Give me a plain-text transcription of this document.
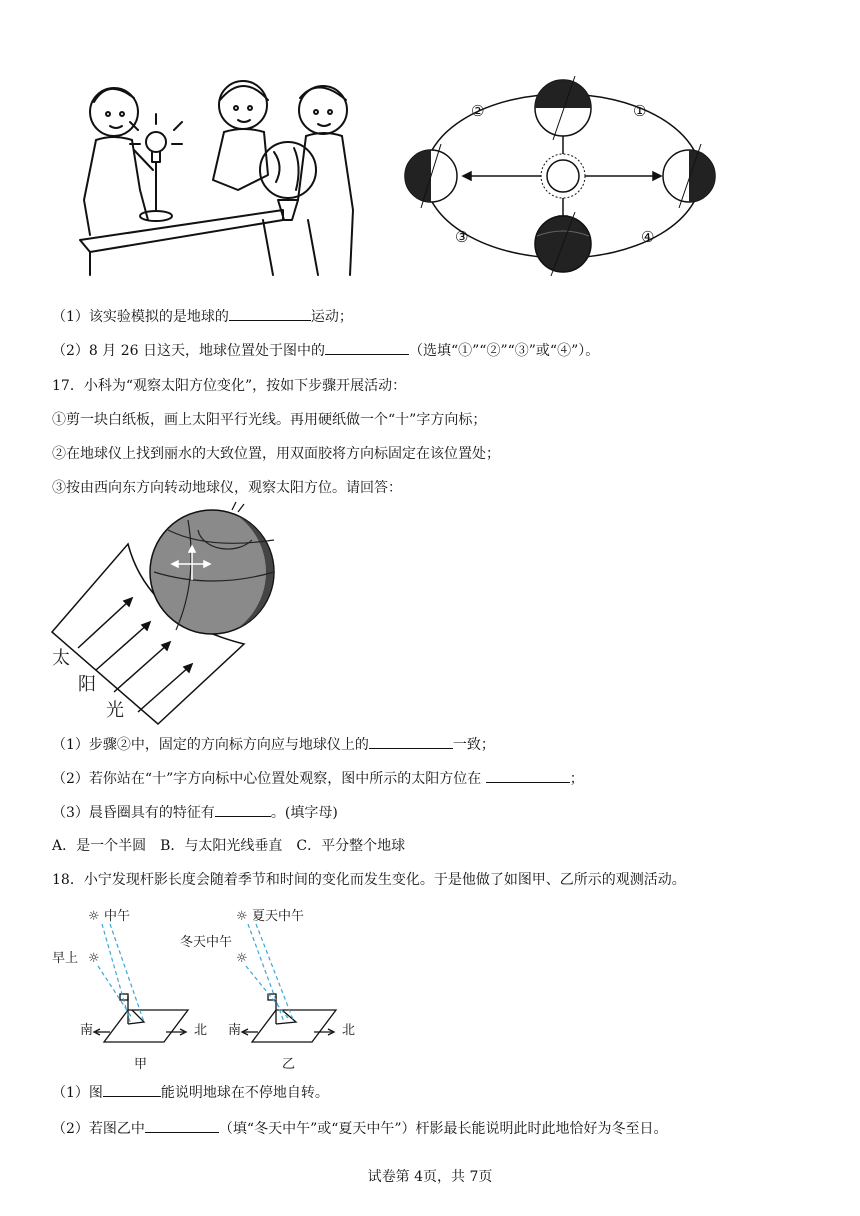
②	①
③	④
（1）该实验模拟的是地球的	运动；
（2）8 月 26 日这天，地球位置处于图中的	（选填“①”“②”“③”或“④”）。
17．小科为“观察太阳方位变化”，按如下步骤开展活动：
①剪一块白纸板，画上太阳平行光线。再用硬纸做一个“十”字方向标；
②在地球仪上找到丽水的大致位置，用双面胶将方向标固定在该位置处；
③按由西向东方向转动地球仪，观察太阳方位。请回答：
太
阳
光
（1）步骤②中，固定的方向标方向应与地球仪上的	一致；
（2）若你站在“十”字方向标中心位置处观察，图中所示的太阳方位在	；
（3）晨昏圈具有的特征有	。(填字母)
A．是一个半圆　B．与太阳光线垂直　C．平分整个地球
18．小宁发现杆影长度会随着季节和时间的变化而发生变化。于是他做了如图甲、乙所示的观测活动。
☼ 中午
早上 ☼
南	北
甲
☼ 夏天中午
冬天中午
☼
南	北
乙
（1）图	能说明地球在不停地自转。
（2）若图乙中	（填“冬天中午”或“夏天中午”）杆影最长能说明此时此地恰好为冬至日。
试卷第 4页，共 7页
